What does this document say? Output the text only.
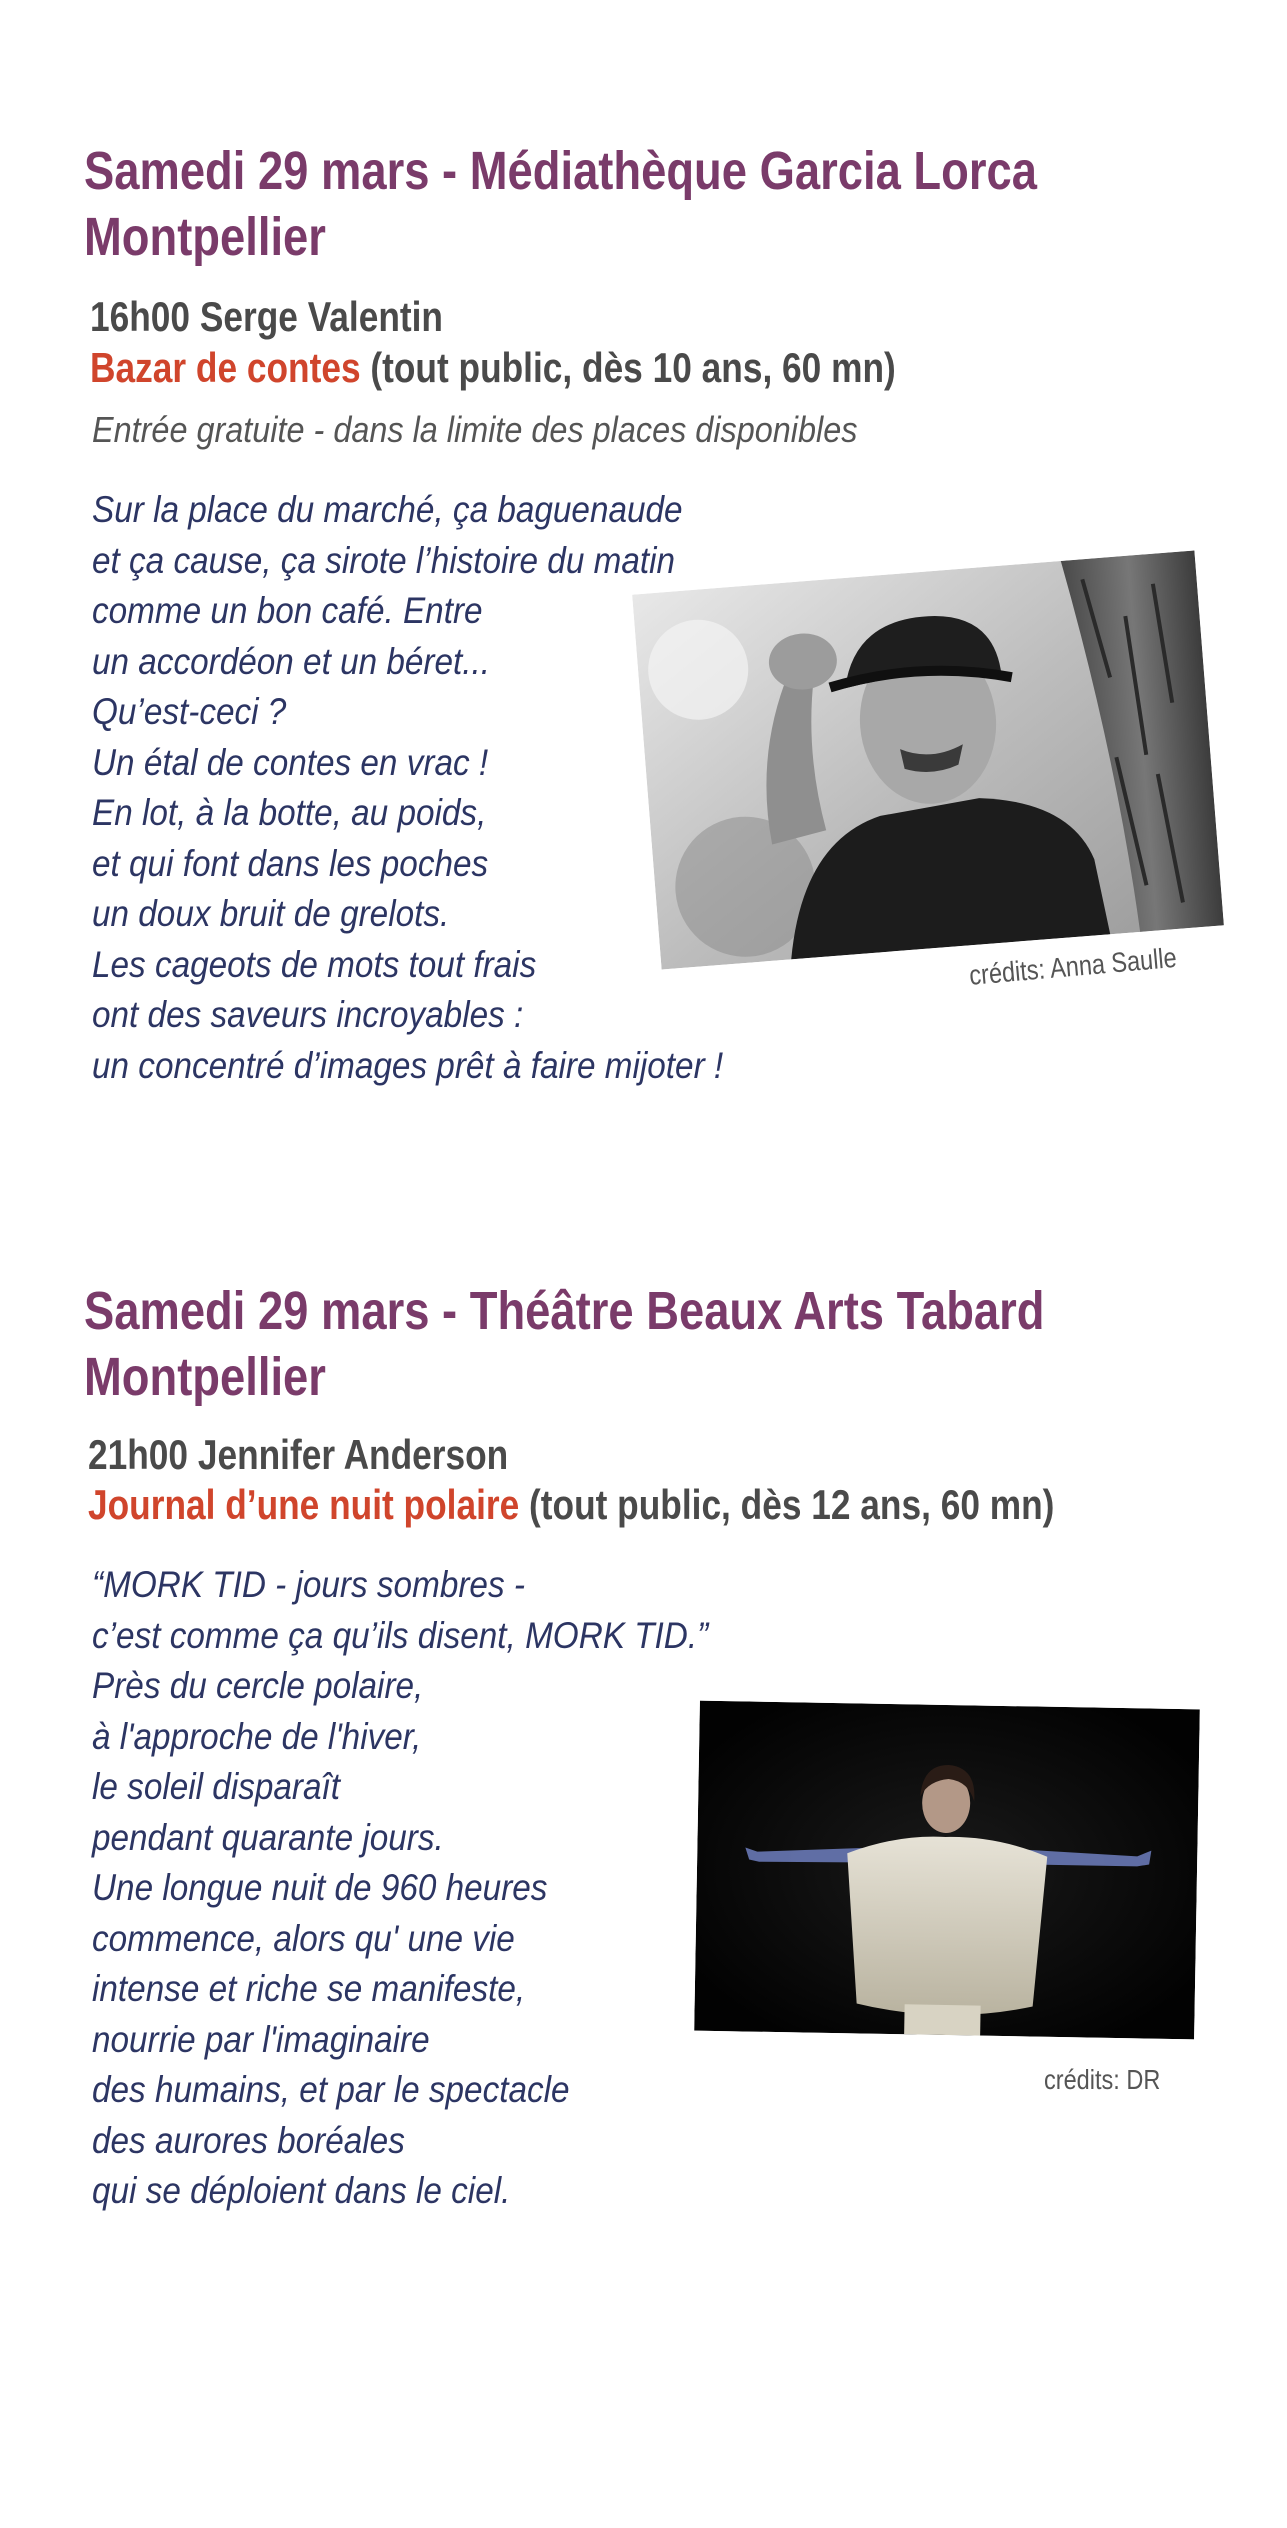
Samedi 29 mars - Médiathèque Garcia Lorca
Montpellier
16h00 Serge Valentin
Bazar de contes (tout public, dès 10 ans, 60 mn)
Entrée gratuite - dans la limite des places disponibles
Sur la place du marché, ça baguenaude
et ça cause, ça sirote l’histoire du matin
comme un bon café. Entre
un accordéon et un béret...
Qu’est-ceci ?
Un étal de contes en vrac !
En lot, à la botte, au poids,
et qui font dans les poches
un doux bruit de grelots.
Les cageots de mots tout frais
ont des saveurs incroyables :
un concentré d’images prêt à faire mijoter !
crédits: Anna Saulle
Samedi 29 mars - Théâtre Beaux Arts Tabard
Montpellier
21h00 Jennifer Anderson
Journal d’une nuit polaire (tout public, dès 12 ans, 60 mn)
“MORK TID - jours sombres -
c’est comme ça qu’ils disent, MORK TID.”
Près du cercle polaire,
à l'approche de l'hiver,
le soleil disparaît
pendant quarante jours.
Une longue nuit de 960 heures
commence, alors qu' une vie
intense et riche se manifeste,
nourrie par l'imaginaire
des humains, et par le spectacle
des aurores boréales
qui se déploient dans le ciel.
crédits: DR
